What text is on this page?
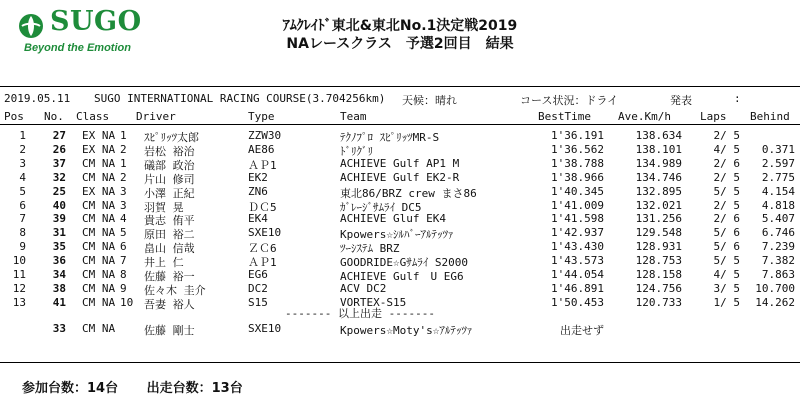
SUGO
Beyond the Emotion
ｱﾑｸﾚｲﾄﾞ東北&東北No.1決定戦2019
NAレースクラス　予選2回目　結果
2019.05.11 SUGO INTERNATIONAL RACING COURSE(3.704256km) 天候：晴れ	コース状況：ドライ	発表	:
Pos No. Class Driver	Type	Team	BestTime Ave.Km/h	Laps Behind
1	27 EX NA 1 ｽﾋﾟﾘｯﾂ太郎	ZZW30	ﾃｸﾉﾌﾟﾛ ｽﾋﾟﾘｯﾂMR-S	1'36.191	138.634	2/ 5
2	26 EX NA 2 岩松 裕治	AE86	ﾄﾞﾘｸﾞﾘ	1'36.562	138.101	4/ 5	0.371
3	37 CM NA 1 礒部 政治	ＡＰ1	ACHIEVE Gulf AP1 M	1'38.788	134.989	2/ 6	2.597
4	32 CM NA 2 片山 修司	EK2	ACHIEVE Gulf EK2-R	1'38.966	134.746	2/ 5	2.775
5	25 EX NA 3 小澤 正紀	ZN6	東北86/BRZ crew まさ86	1'40.345	132.895	5/ 5	4.154
6	40 CM NA 3 羽賀 晃	ＤＣ5	ｶﾞﾚｰｼﾞｻﾑﾗｲ DC5	1'41.009	132.021	2/ 5	4.818
7	39 CM NA 4 貴志 侑平	EK4	ACHIEVE Gluf EK4	1'41.598	131.256	2/ 6	5.407
8	31 CM NA 5 原田 裕二	SXE10	Kpowers☆ｼﾙﾊﾞｰｱﾙﾃｯﾂｧ	1'42.937	129.548	5/ 6	6.746
9	35 CM NA 6 畠山 信哉	ＺＣ6	ﾂｰｼｽﾃﾑ BRZ	1'43.430	128.931	5/ 6	7.239
10	36 CM NA 7 井上 仁	ＡＰ1	GOODRIDE☆Gｻﾑﾗｲ S2000	1'43.573	128.753	5/ 5	7.382
11	34 CM NA 8 佐藤 裕一	EG6	ACHIEVE Gulf　U EG6	1'44.054	128.158	4/ 5	7.863
12	38 CM NA 9 佐々木 圭介	DC2	ACV DC2	1'46.891	124.756	3/ 5	10.700
13	41 CM NA 10 吾妻 裕人	S15	VORTEX-S15	1'50.453	120.733	1/ 5	14.262
------- 以上出走 -------
33 CM NA	佐藤 剛士	SXE10	Kpowers☆Moty's☆ｱﾙﾃｯﾂｧ	出走せず
参加台数：14台 出走台数：13台
